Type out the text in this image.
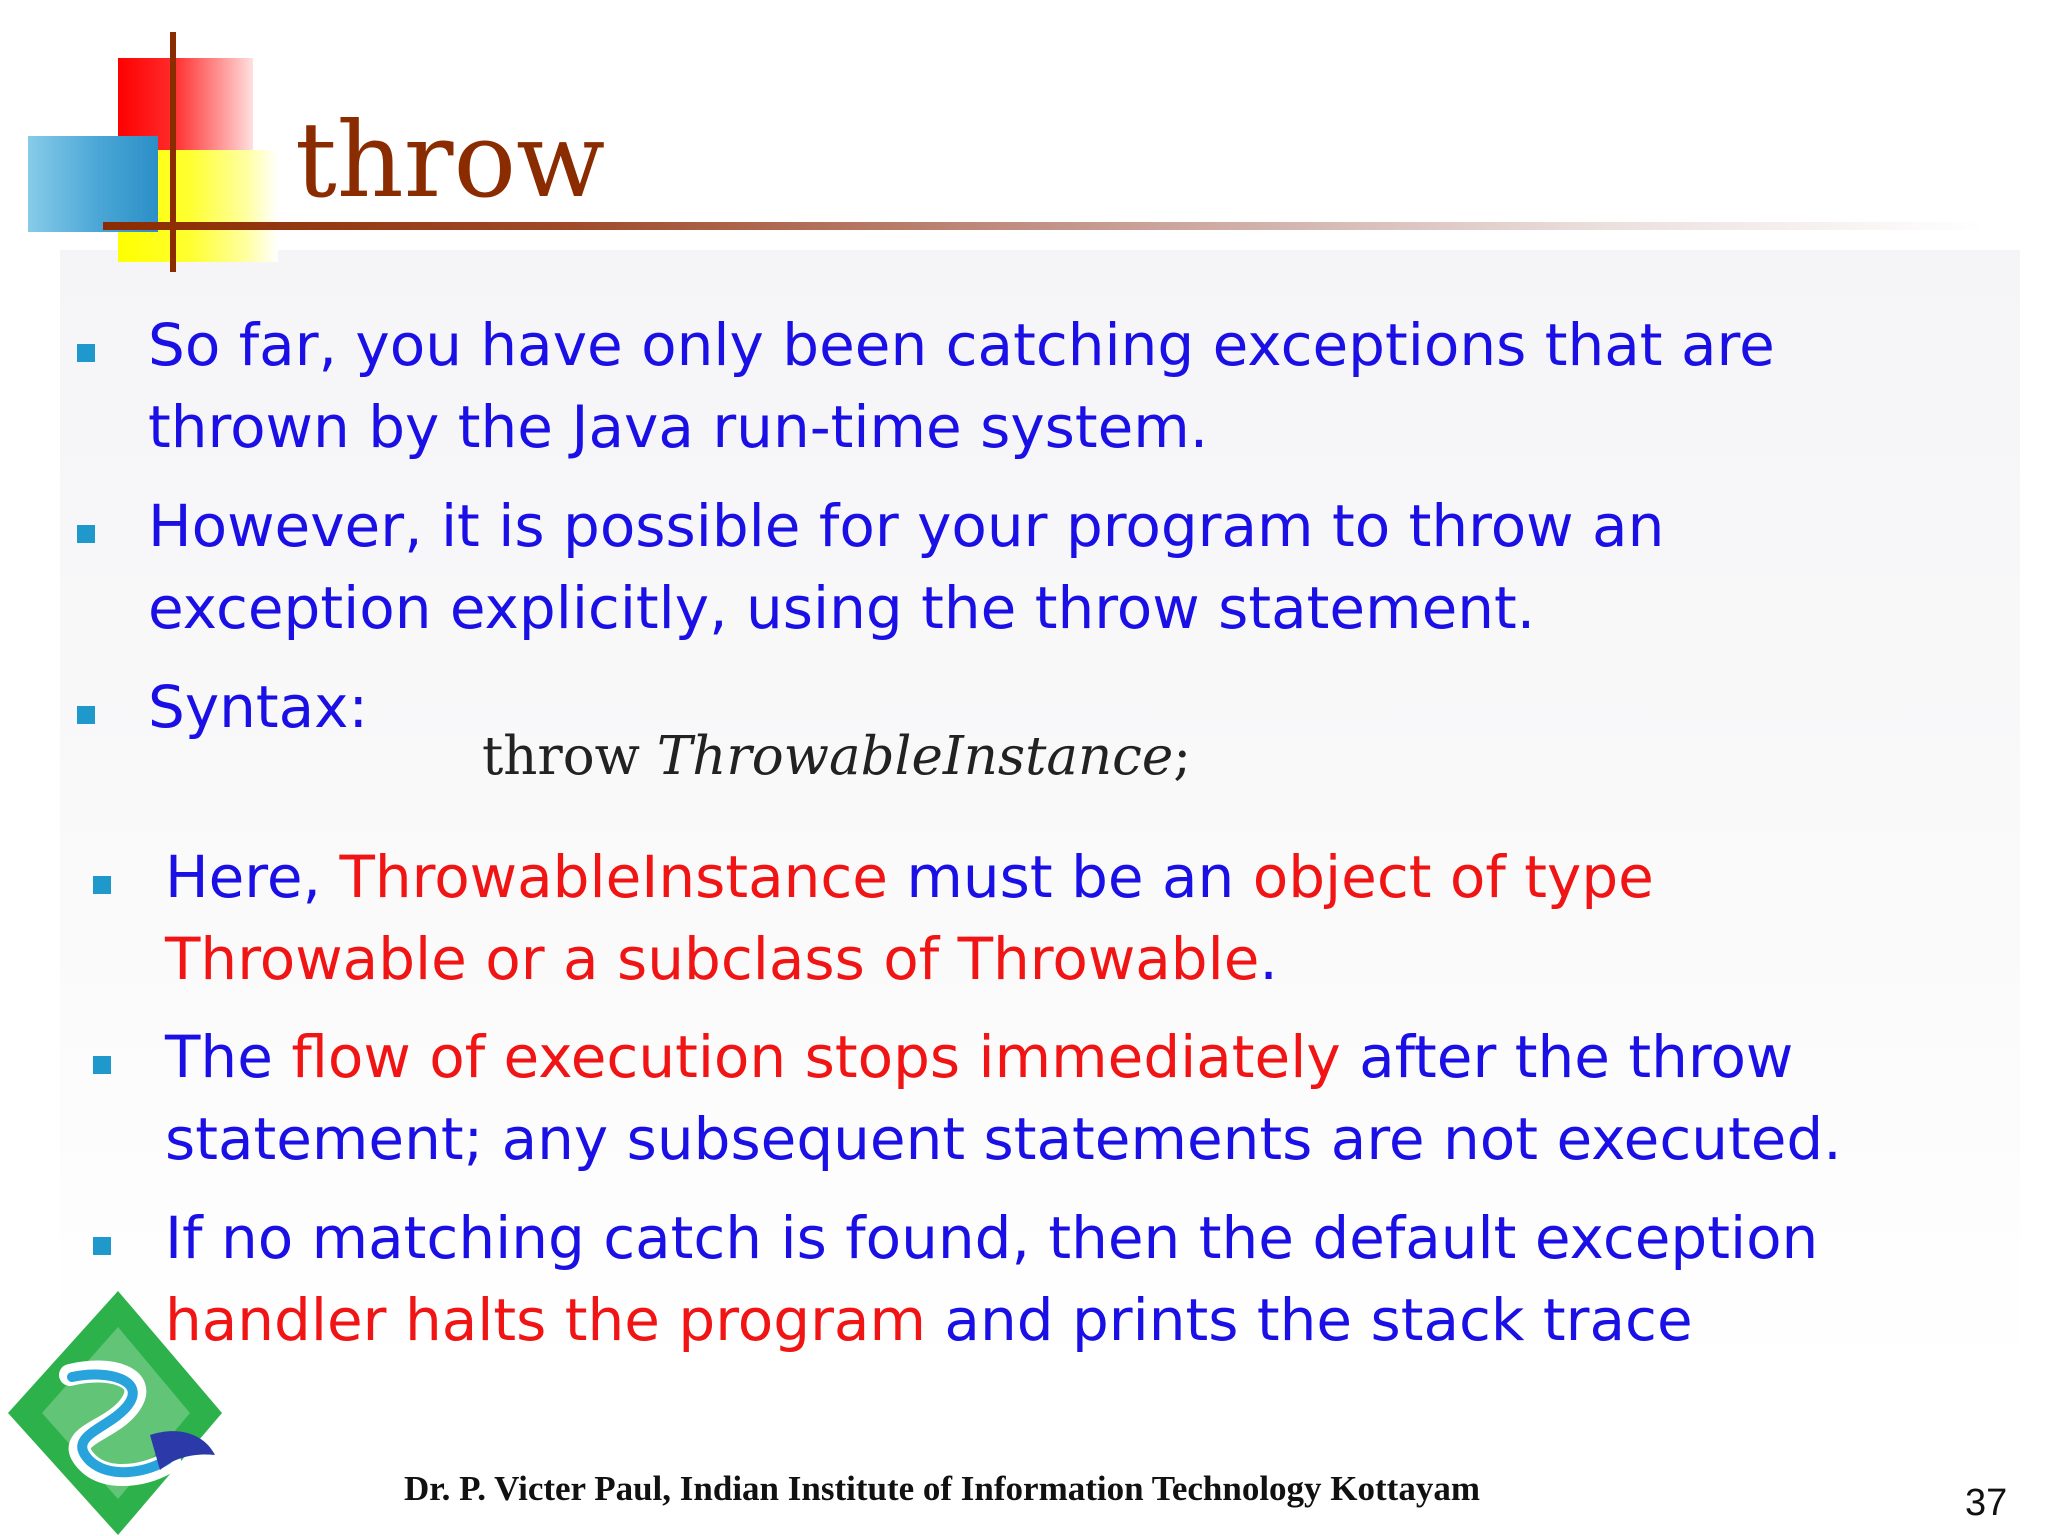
throw

So far, you have only been catching exceptions that are

thrown by the Java run-time system.

However, it is possible for your program to throw an

exception explicitly, using the throw statement.

Syntax:

throw ThrowableInstance;

Here, ThrowableInstance must be an object of type

Throwable or a subclass of Throwable.

The flow of execution stops immediately after the throw

statement; any subsequent statements are not executed.

If no matching catch is found, then the default exception

handler halts the program and prints the stack trace

Dr. P. Victer Paul, Indian Institute of Information Technology Kottayam	37
